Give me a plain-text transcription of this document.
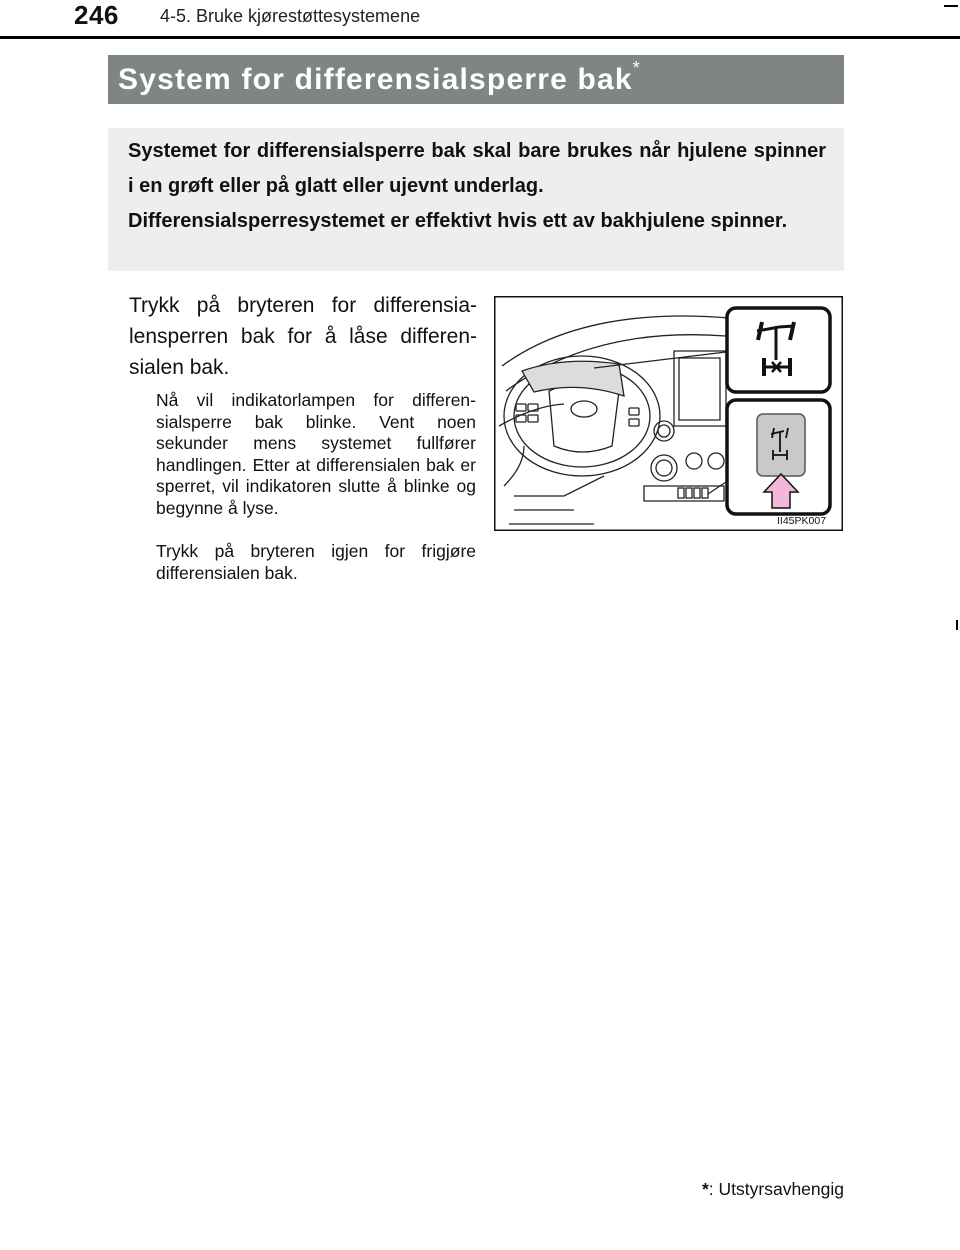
246 4-5. Bruke kjørestøttesystemene
System for differensialsperre bak*

Systemet for differensialsperre bak skal bare brukes når hjulene spinner i en grøft eller på glatt eller ujevnt underlag.

Differensialsperresystemet er effektivt hvis ett av bakhjulene spinner.

Trykk på bryteren for differensia-lensperren bak for å låse differen-sialen bak.

Nå vil indikatorlampen for differen-sialsperre bak blinke. Vent noen sekunder mens systemet fullfører handlingen. Etter at differensialen bak er sperret, vil indikatoren slutte å blinke og begynne å lyse.

Trykk på bryteren igjen for frigjøre differensialen bak.

II45PK007
*: Utstyrsavhengig
